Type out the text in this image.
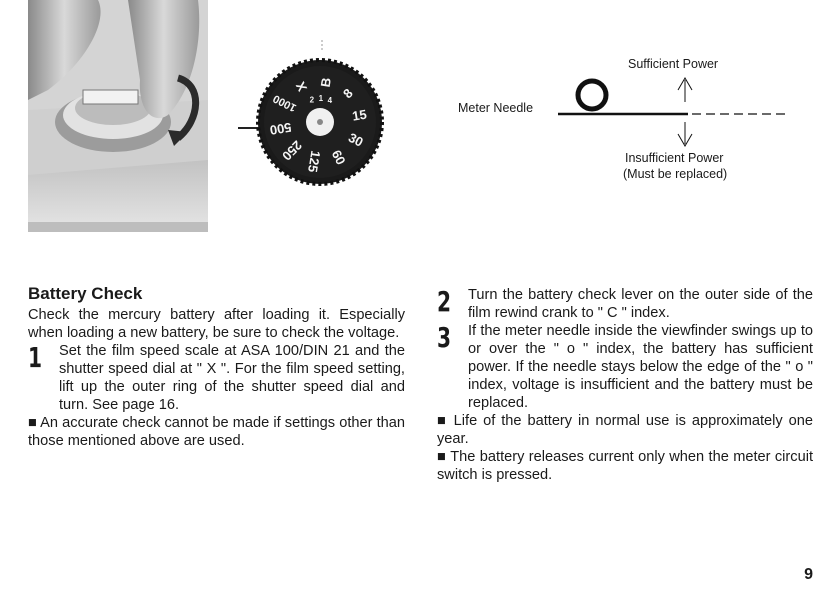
8
15
30
60
125
250
500
1000
X B
2 1 4
Sufficient Power
Meter Needle
Insufficient Power
(Must be replaced)
Battery Check

Check the mercury battery after loading it. Especially when loading a new battery, be sure to check the voltage.

1 Set the film speed scale at ASA 100/DIN 21 and the shutter speed dial at " X ". For the film speed setting, lift up the outer ring of the shutter speed dial and turn. See page 16.

■ An accurate check cannot be made if settings other than those mentioned above are used.

2 Turn the battery check lever on the outer side of the film rewind crank to " C " index.

3 If the meter needle inside the viewfinder swings up to or over the " o " index, the battery has sufficient power. If the needle stays below the edge of the " o " index, voltage is insufficient and the battery must be replaced.

■ Life of the battery in normal use is approximately one year.

■ The battery releases current only when the meter circuit switch is pressed.

9
